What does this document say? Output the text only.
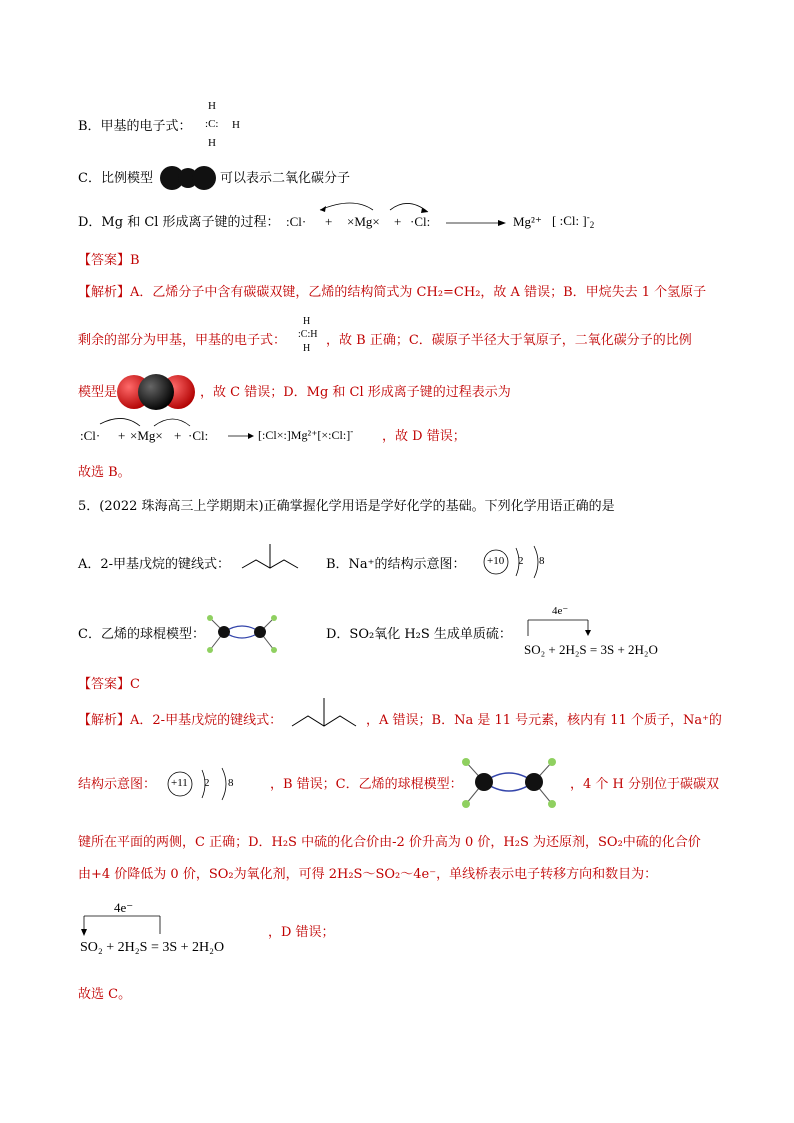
B．甲基的电子式：
H
:C: H
H
C．比例模型	可以表示二氧化碳分子
D．Mg 和 Cl 形成离子键的过程： :Cl· + ×Mg× + ·Cl:	Mg²⁺ [ :Cl: ]$^-_2$
【答案】B
【解析】A．乙烯分子中含有碳碳双键，乙烯的结构简式为 CH₂=CH₂，故 A 错误；B．甲烷失去 1 个氢原子
剩余的部分为甲基，甲基的电子式：
H
:C:H
H
，故 B 正确；C．碳原子半径大于氧原子，二氧化碳分子的比例
模型是	，故 C 错误；D．Mg 和 Cl 形成离子键的过程表示为
:Cl· + ×Mg× + ·Cl:	[:Cl×:]Mg²⁺[×:Cl:]- ，故 D 错误；
故选 B。
5．(2022 珠海高三上学期期末)正确掌握化学用语是学好化学的基础。下列化学用语正确的是
A．2-甲基戊烷的键线式：	B．Na⁺的结构示意图： +10 2 8
C．乙烯的球棍模型：	D．SO₂氧化 H₂S 生成单质硫：
4e⁻
SO₂ + 2H₂S = 3S + 2H₂O
【答案】C
【解析】A．2-甲基戊烷的键线式：	，A 错误；B．Na 是 11 号元素，核内有 11 个质子，Na⁺的
结构示意图： +11 2 8	，B 错误；C．乙烯的球棍模型：	，4 个 H 分别位于碳碳双
键所在平面的两侧，C 正确；D．H₂S 中硫的化合价由-2 价升高为 0 价，H₂S 为还原剂，SO₂中硫的化合价
由+4 价降低为 0 价，SO₂为氧化剂，可得 2H₂S～SO₂～4e⁻，单线桥表示电子转移方向和数目为：
4e⁻
SO₂ + 2H₂S = 3S + 2H₂O
，D 错误；
故选 C。
